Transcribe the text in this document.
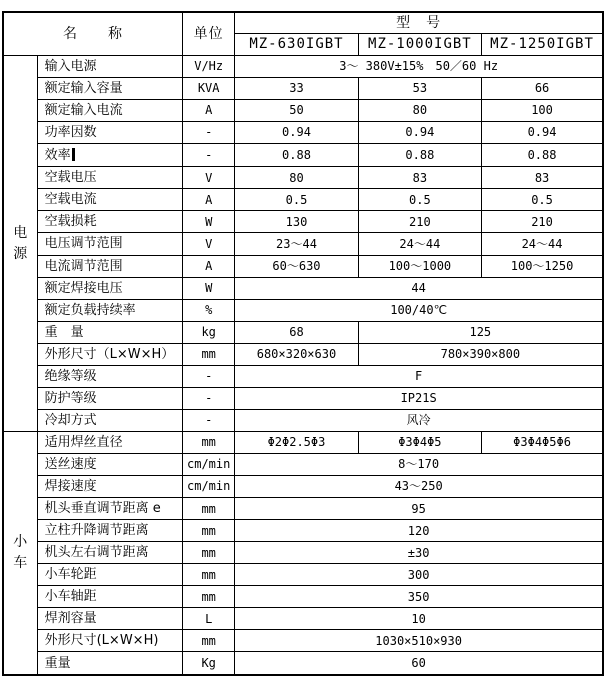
名　　称		单位	型　号		
			MZ-630IGBT	MZ-1000IGBT	MZ-1250IGBT

电
源	输入电源	V/Hz	3～ 380V±15%　50／60 Hz		
	额定输入容量	KVA	33	53	66
	额定输入电流	A	50	80	100
	功率因数	-	0.94	0.94	0.94
	效率	-	0.88	0.88	0.88
	空载电压	V	80	83	83
	空载电流	A	0.5	0.5	0.5
	空载损耗	W	130	210	210
	电压调节范围	V	23～44	24～44	24～44
	电流调节范围	A	60～630	100～1000	100～1250
	额定焊接电压	W	44		
	额定负载持续率	%	100/40℃		
	重　量	kg	68	125	
	外形尺寸（L×W×H）	mm	680×320×630	780×390×800	
	绝缘等级	-	F		
	防护等级	-	IP21S		
	冷却方式	-	风冷		

小
车	适用焊丝直径	mm	Φ2Φ2.5Φ3	Φ3Φ4Φ5	Φ3Φ4Φ5Φ6
	送丝速度	cm/min	8～170		
	焊接速度	cm/min	43～250		
	机头垂直调节距离 e	mm	95		
	立柱升降调节距离	mm	120		
	机头左右调节距离	mm	±30		
	小车轮距	mm	300		
	小车轴距	mm	350		
	焊剂容量	L	10		
	外形尺寸(L×W×H)	mm	1030×510×930		
	重量	Kg	60		
